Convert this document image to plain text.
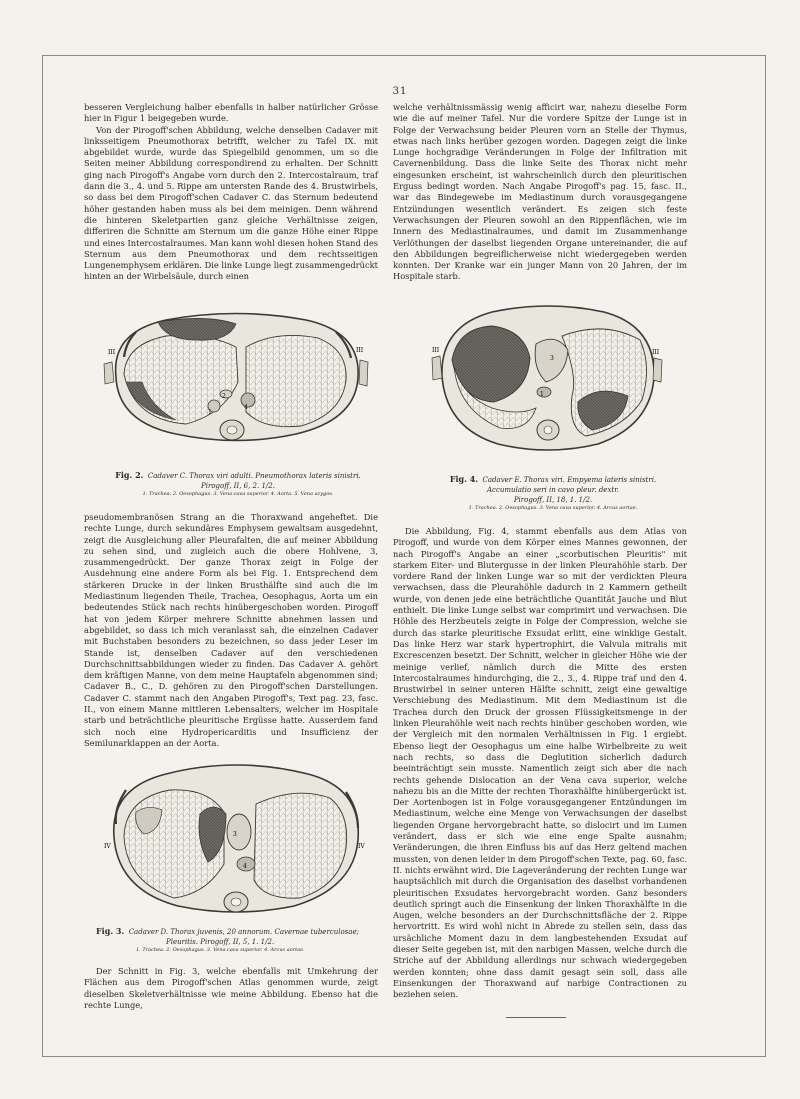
31

besseren Vergleichung halber ebenfalls in halber natürlicher Grösse hier in Figur 1 beigegeben wurde.

Von der Pirogoff'schen Abbildung, welche denselben Cadaver mit linksseitigem Pneumothorax betrifft, welcher zu Tafel IX. mit abgebildet wurde, wurde das Spiegelbild genommen, um so die Seiten meiner Abbildung correspondirend zu erhalten. Der Schnitt ging nach Pirogoff's Angabe vorn durch den 2. Intercostalraum, traf dann die 3., 4. und 5. Rippe am untersten Rande des 4. Brustwirbels, so dass bei dem Pirogoff'schen Cadaver C. das Sternum bedeutend höher gestanden haben muss als bei dem meinigen. Denn während die hinteren Skeletpartien ganz gleiche Verhältnisse zeigen, differiren die Schnitte am Sternum um die ganze Höhe einer Rippe und eines Intercostalraumes. Man kann wohl diesen hohen Stand des Sternum aus dem Pneumothorax und dem rechtsseitigen Lungenemphysem erklären. Die linke Lunge liegt zusammengedrückt hinten an der Wirbelsäule, durch einen

III	III
1
4
2
Fig. 2. Cadaver C. Thorax viri adulti. Pneumothorax lateris sinistri.
Pirogoff, II, 6, 2. 1/2.
1. Trachea. 2. Oesophagus. 3. Vena cava superior. 4. Aorta. 5. Vena azygos.

pseudomembranösen Strang an die Thoraxwand angeheftet. Die rechte Lunge, durch sekundäres Emphysem gewaltsam ausgedehnt, zeigt die Ausgleichung aller Pleurafalten, die auf meiner Abbildung zu sehen sind, und zugleich auch die obere Hohlvene, 3, zusammengedrückt. Der ganze Thorax zeigt in Folge der Ausdehnung eine andere Form als bei Fig. 1. Entsprechend dem stärkeren Drucke in der linken Brusthälfte sind auch die im Mediastinum liegenden Theile, Trachea, Oesophagus, Aorta um ein bedeutendes Stück nach rechts hinübergeschoben worden. Pirogoff hat von jedem Körper mehrere Schnitte abnehmen lassen und abgebildet, so dass ich mich veranlasst sah, die einzelnen Cadaver mit Buchstaben besonders zu bezeichnen, so dass jeder Leser im Stande ist, denselben Cadaver auf den verschiedenen Durchschnittsabbildungen wieder zu finden. Das Cadaver A. gehört dem kräftigen Manne, von dem meine Hauptafeln abgenommen sind; Cadaver B., C., D. gehören zu den Pirogoff'schen Darstellungen. Cadaver C. stammt nach den Angaben Pirogoff's, Text pag. 23, fasc. II., von einem Manne mittleren Lebensalters, welcher im Hospitale starb und beträchtliche pleuritische Ergüsse hatte. Ausserdem fand sich noch eine Hydropericarditis und Insufficienz der Semilunarklappen an der Aorta.

3
4
IV	IV
Fig. 3. Cadaver D. Thorax juvenis, 20 annorum. Cavernae tuberculosae;
Pleuritis. Pirogoff, II, 5, 1. 1/2.
1. Trachea. 2. Oesophagus. 3. Vena cava superior. 4. Arcus aortae.

Der Schnitt in Fig. 3, welche ebenfalls mit Umkehrung der Flächen aus dem Pirogoff'schen Atlas genommen wurde, zeigt dieselben Skeletverhältnisse wie meine Abbildung. Ebenso hat die rechte Lunge,

welche verhältnissmässig wenig afficirt war, nahezu dieselbe Form wie die auf meiner Tafel. Nur die vordere Spitze der Lunge ist in Folge der Verwachsung beider Pleuren vorn an Stelle der Thymus, etwas nach links herüber gezogen worden. Dagegen zeigt die linke Lunge hochgradige Veränderungen in Folge der Infiltration mit Cavernenbildung. Dass die linke Seite des Thorax nicht mehr eingesunken erscheint, ist wahrscheinlich durch den pleuritischen Erguss bedingt worden. Nach Angabe Pirogoff's pag. 15, fasc. II., war das Bindegewebe im Mediastinum durch vorausgegangene Entzündungen wesentlich verändert. Es zeigen sich feste Verwachsungen der Pleuren sowohl an den Rippenflächen, wie im Innern des Mediastinalraumes, und damit im Zusammenhange Verlöthungen der daselbst liegenden Organe untereinander, die auf den Abbildungen begreiflicherweise nicht wiedergegeben werden konnten. Der Kranke war ein junger Mann von 20 Jahren, der im Hospitale starb.

1
3
III	III
Fig. 4. Cadaver E. Thorax viri. Empyema lateris sinistri.
Accumulatio seri in cavo pleur. dextr.
Pirogoff, II, 18, 1. 1/2.
1. Trachea. 2. Oesophagus. 3. Vena cava superior. 4. Arcus aortae.

Die Abbildung, Fig. 4, stammt ebenfalls aus dem Atlas von Pirogoff, und wurde von dem Körper eines Mannes gewonnen, der nach Pirogoff's Angabe an einer „scorbutischen Pleuritis" mit starkem Eiter- und Blutergusse in der linken Pleurahöhle starb. Der vordere Rand der linken Lunge war so mit der verdickten Pleura verwachsen, dass die Pleurahöhle dadurch in 2 Kammern getheilt wurde, von denen jede eine beträchtliche Quantität Jauche und Blut enthielt. Die linke Lunge selbst war comprimirt und verwachsen. Die Höhle des Herzbeutels zeigte in Folge der Compression, welche sie durch das starke pleuritische Exsudat erlitt, eine winklige Gestalt. Das linke Herz war stark hypertrophirt, die Valvula mitralis mit Excrescenzen besetzt. Der Schnitt, welcher in gleicher Höhe wie der meinige verlief, nämlich durch die Mitte des ersten Intercostalraumes hindurchging, die 2., 3., 4. Rippe traf und den 4. Brustwirbel in seiner unteren Hälfte schnitt, zeigt eine gewaltige Verschiebung des Mediastinum. Mit dem Mediastinum ist die Trachea durch den Druck der grossen Flüssigkeitsmenge in der linken Pleurahöhle weit nach rechts hinüber geschoben worden, wie der Vergleich mit den normalen Verhältnissen in Fig. 1 ergiebt. Ebenso liegt der Oesophagus um eine halbe Wirbelbreite zu weit nach rechts, so dass die Deglutition sicherlich dadurch beeinträchtigt sein musste. Namentlich zeigt sich aber die nach rechts gehende Dislocation an der Vena cava superior, welche nahezu bis an die Mitte der rechten Thoraxhälfte hinübergerückt ist. Der Aortenbogen ist in Folge vorausgegangener Entzündungen im Mediastinum, welche eine Menge von Verwachsungen der daselbst liegenden Organe hervorgebracht hatte, so dislocirt und im Lumen verändert, dass er sich wie eine enge Spalte ausnahm; Veränderungen, die ihren Einfluss bis auf das Herz geltend machen mussten, von denen leider in dem Pirogoff'schen Texte, pag. 60, fasc. II. nichts erwähnt wird. Die Lageveränderung der rechten Lunge war hauptsächlich mit durch die Organisation des daselbst vorhandenen pleuritischen Exsudates hervorgebracht worden. Ganz besonders deutlich springt auch die Einsenkung der linken Thoraxhälfte in die Augen, welche besonders an der Durchschnittsfläche der 2. Rippe hervortritt. Es wird wohl nicht in Abrede zu stellen sein, dass das ursächliche Moment dazu in dem langbestehenden Exsudat auf dieser Seite gegeben ist, mit den narbigen Massen, welche durch die Striche auf der Abbildung allerdings nur schwach wiedergegeben werden konnten; ohne dass damit gesagt sein soll, dass alle Einsenkungen der Thoraxwand auf narbige Contractionen zu beziehen seien.
